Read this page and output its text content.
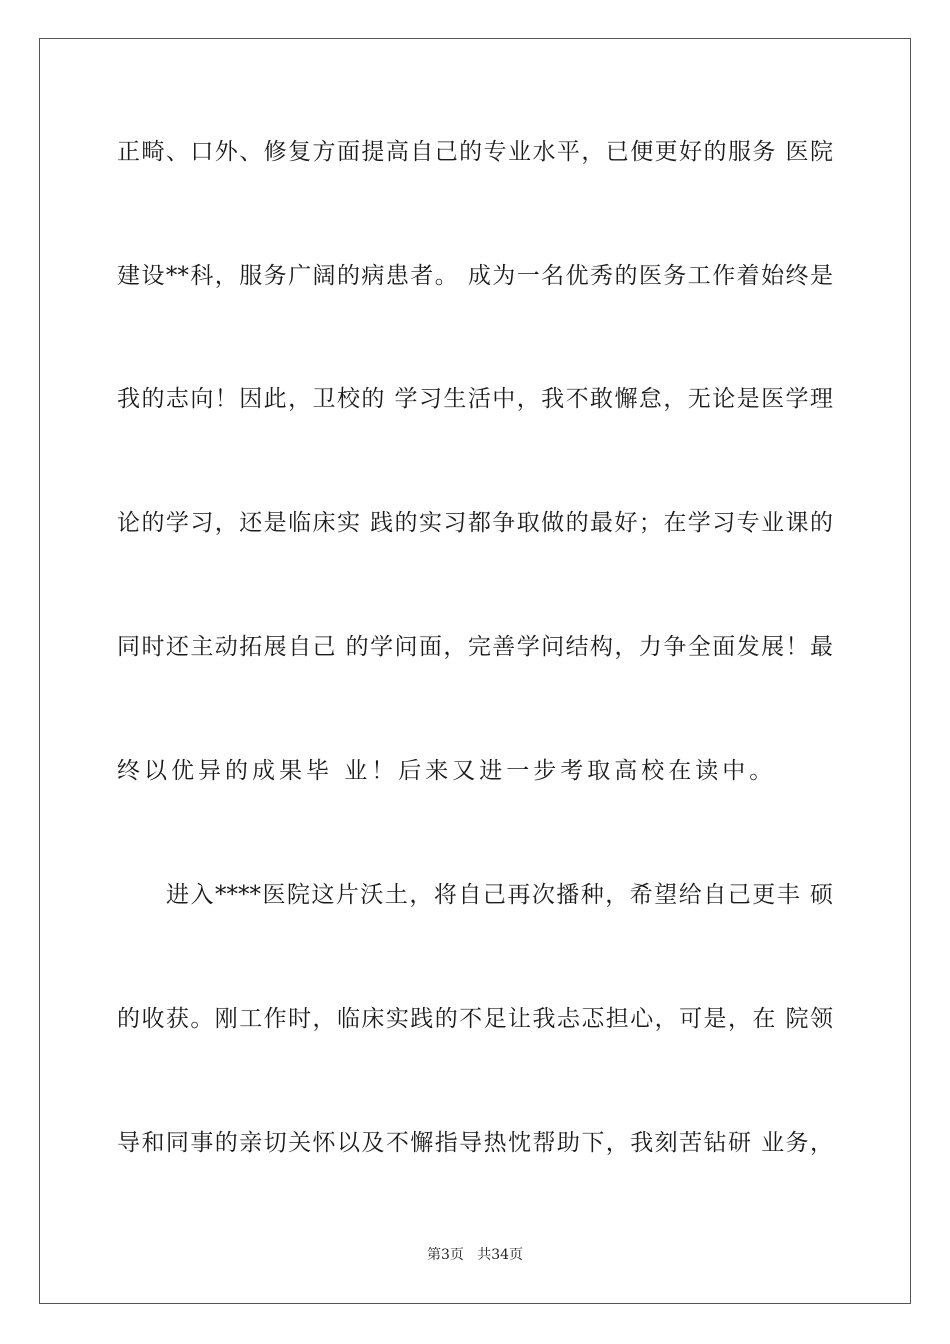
正畸、口外、修复方面提高自己的专业水平，已便更好的服务 医院
建设**科，服务广阔的病患者。 成为一名优秀的医务工作着始终是
我的志向！因此，卫校的 学习生活中，我不敢懈怠，无论是医学理
论的学习，还是临床实 践的实习都争取做的最好；在学习专业课的
同时还主动拓展自己 的学问面，完善学问结构，力争全面发展！最
终以优异的成果毕 业！后来又进一步考取高校在读中。
　　进入****医院这片沃土，将自己再次播种，希望给自己更丰 硕
的收获。刚工作时，临床实践的不足让我忐忑担心，可是，在 院领
导和同事的亲切关怀以及不懈指导热忱帮助下，我刻苦钻研 业务，
第3页   共34页
